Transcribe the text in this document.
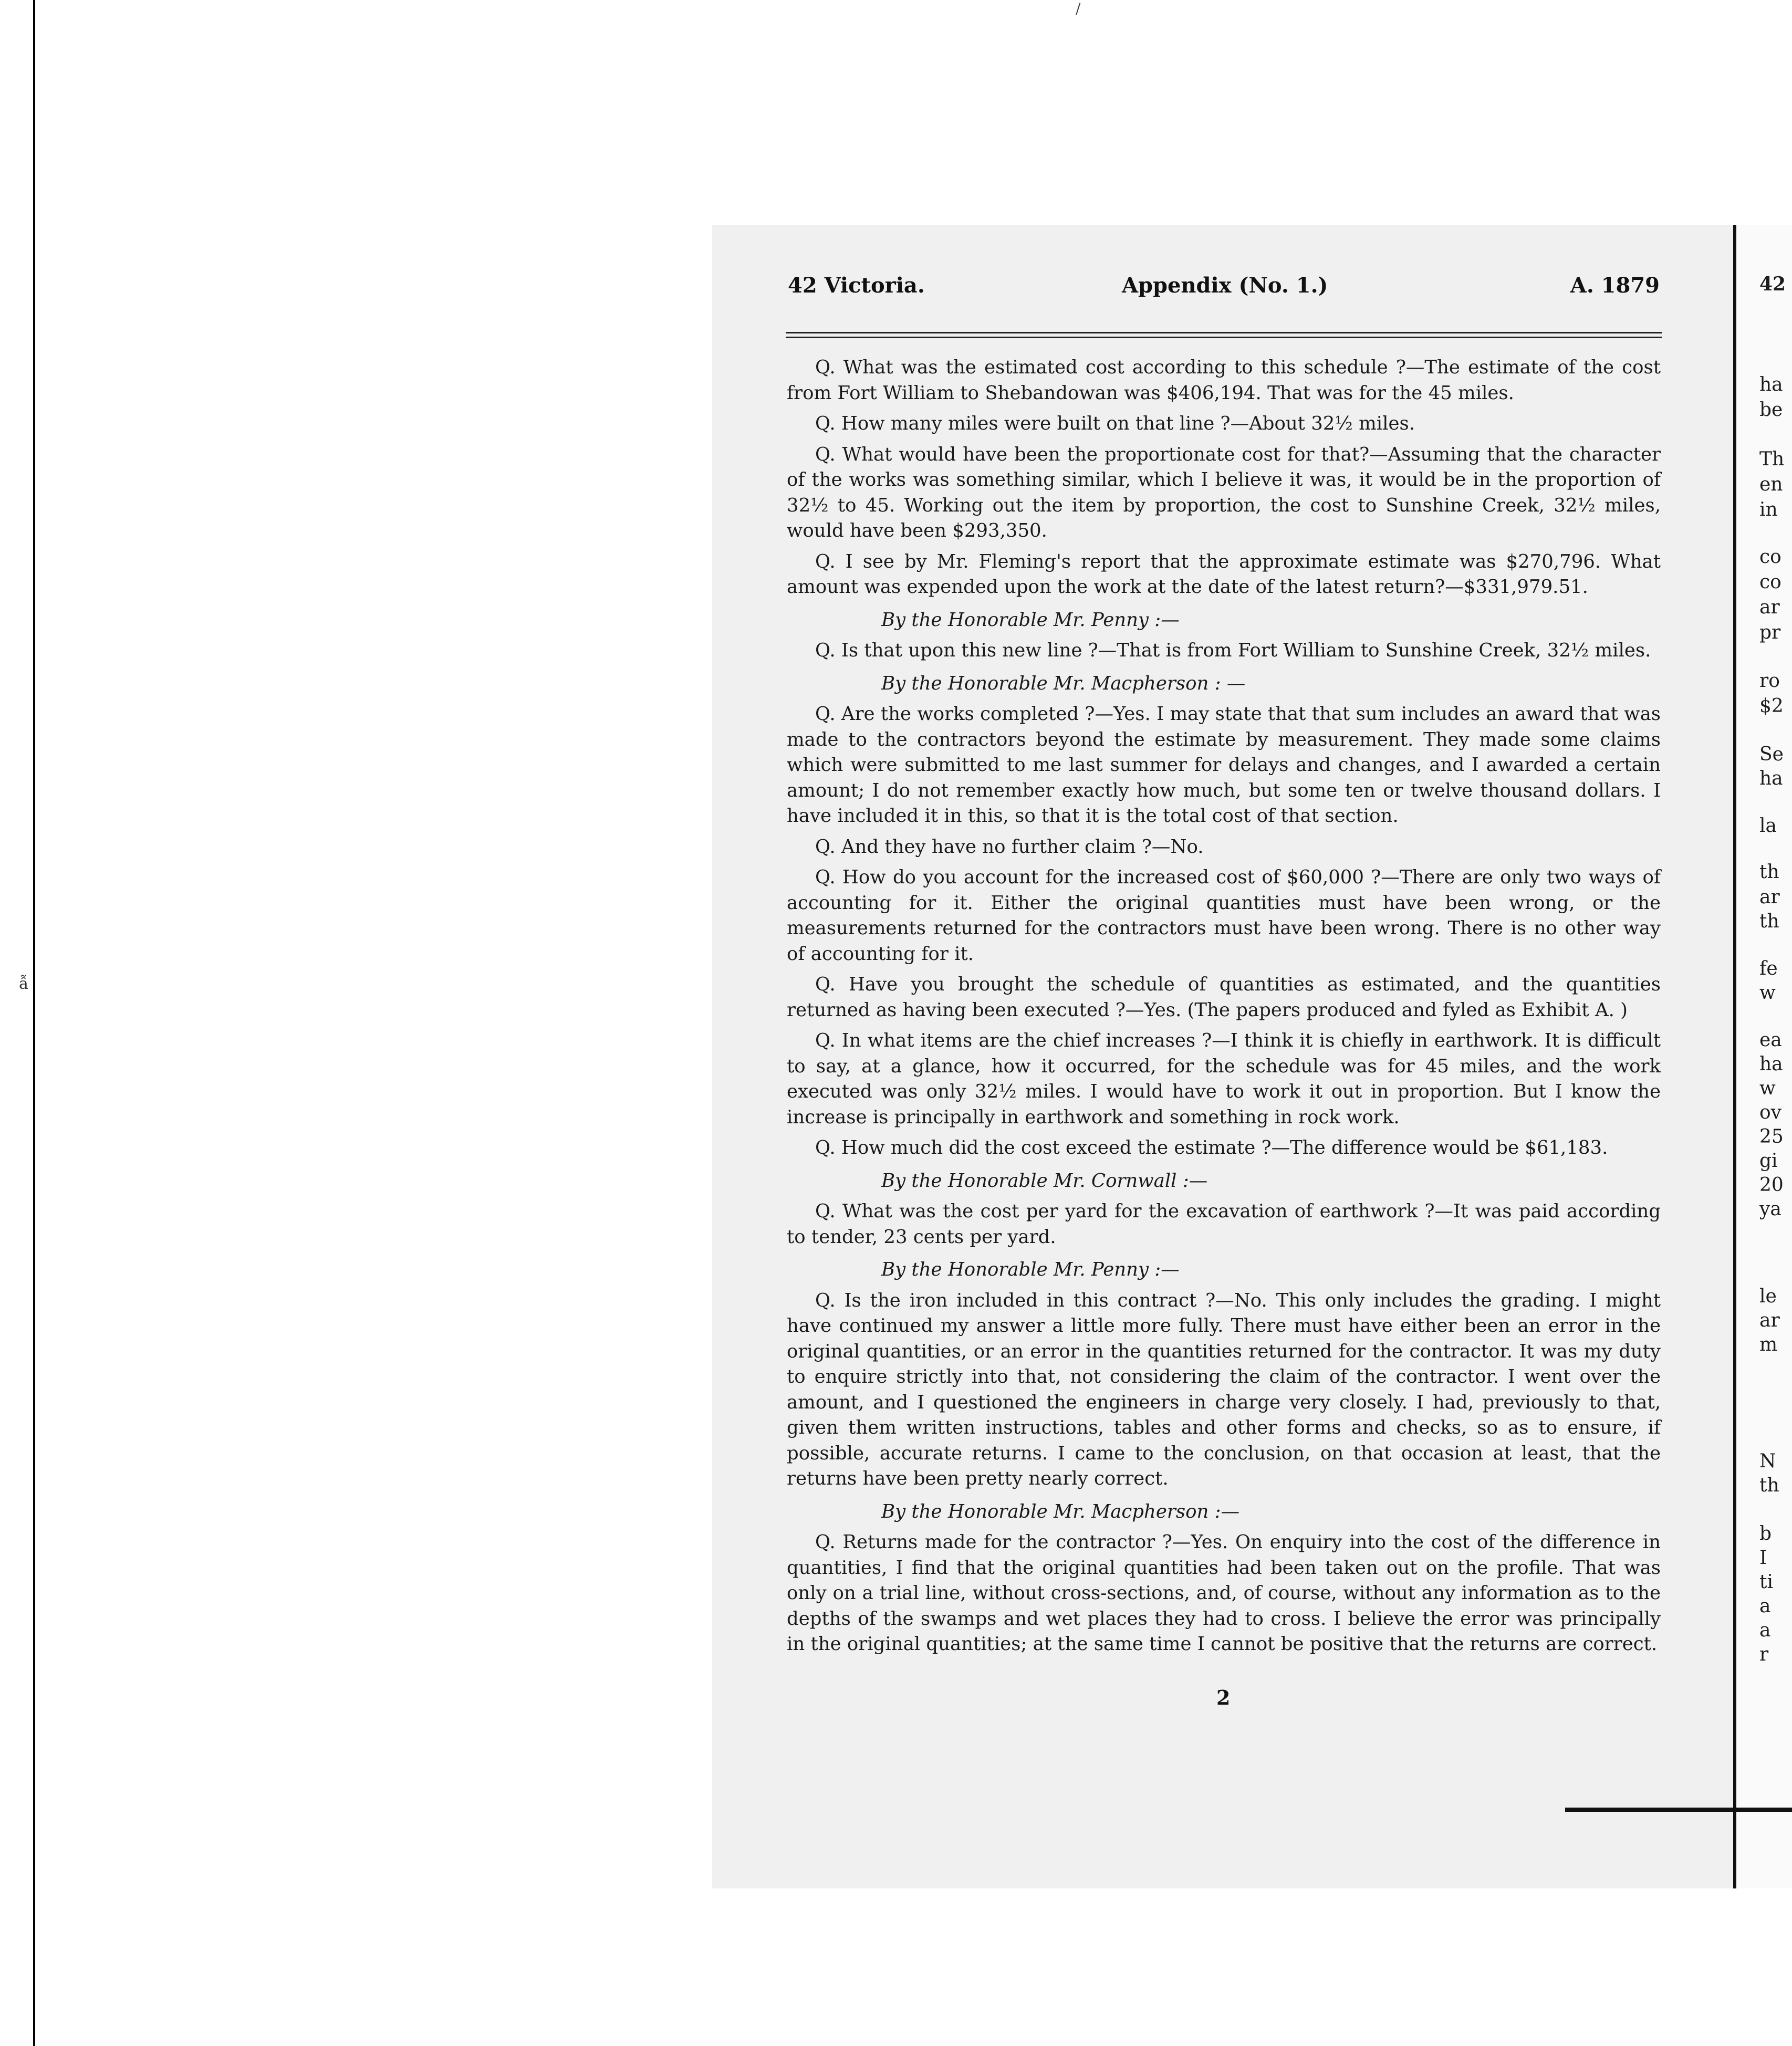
ẫ
/
42 Victoria.	Appendix (No. 1.)	A. 1879

Q. What was the estimated cost according to this schedule ?—The estimate of the cost from Fort William to Shebandowan was $406,194. That was for the 45 miles.

Q. How many miles were built on that line ?—About 32½ miles.

Q. What would have been the proportionate cost for that?—Assuming that the character of the works was something similar, which I believe it was, it would be in the proportion of 32½ to 45. Working out the item by proportion, the cost to Sunshine Creek, 32½ miles, would have been $293,350.

Q. I see by Mr. Fleming's report that the approximate estimate was $270,796. What amount was expended upon the work at the date of the latest return?—$331,979.51.

By the Honorable Mr. Penny :—

Q. Is that upon this new line ?—That is from Fort William to Sunshine Creek, 32½ miles.

By the Honorable Mr. Macpherson : —

Q. Are the works completed ?—Yes. I may state that that sum includes an award that was made to the contractors beyond the estimate by measurement. They made some claims which were submitted to me last summer for delays and changes, and I awarded a certain amount; I do not remember exactly how much, but some ten or twelve thousand dollars. I have included it in this, so that it is the total cost of that section.

Q. And they have no further claim ?—No.

Q. How do you account for the increased cost of $60,000 ?—There are only two ways of accounting for it. Either the original quantities must have been wrong, or the measurements returned for the contractors must have been wrong. There is no other way of accounting for it.

Q. Have you brought the schedule of quantities as estimated, and the quantities returned as having been executed ?—Yes. (The papers produced and fyled as Exhibit A. )

Q. In what items are the chief increases ?—I think it is chiefly in earthwork. It is difficult to say, at a glance, how it occurred, for the schedule was for 45 miles, and the work executed was only 32½ miles. I would have to work it out in proportion. But I know the increase is principally in earthwork and something in rock work.

Q. How much did the cost exceed the estimate ?—The difference would be $61,183.

By the Honorable Mr. Cornwall :—

Q. What was the cost per yard for the excavation of earthwork ?—It was paid according to tender, 23 cents per yard.

By the Honorable Mr. Penny :—

Q. Is the iron included in this contract ?—No. This only includes the grading. I might have continued my answer a little more fully. There must have either been an error in the original quantities, or an error in the quantities returned for the contractor. It was my duty to enquire strictly into that, not considering the claim of the contractor. I went over the amount, and I questioned the engineers in charge very closely. I had, previously to that, given them written instructions, tables and other forms and checks, so as to ensure, if possible, accurate returns. I came to the conclusion, on that occasion at least, that the returns have been pretty nearly correct.

By the Honorable Mr. Macpherson :—

Q. Returns made for the contractor ?—Yes. On enquiry into the cost of the difference in quantities, I find that the original quantities had been taken out on the profile. That was only on a trial line, without cross-sections, and, of course, without any information as to the depths of the swamps and wet places they had to cross. I believe the error was principally in the original quantities; at the same time I cannot be positive that the returns are correct.

2
42
ha
be
Th
en
in
co
co
ar
pr
ro
$2
Se
ha
la
th
ar
th
fe
w
ea
ha
w
ov
25
gi
20
ya
le
ar
m
N
th
b
I
ti
a
a
r
